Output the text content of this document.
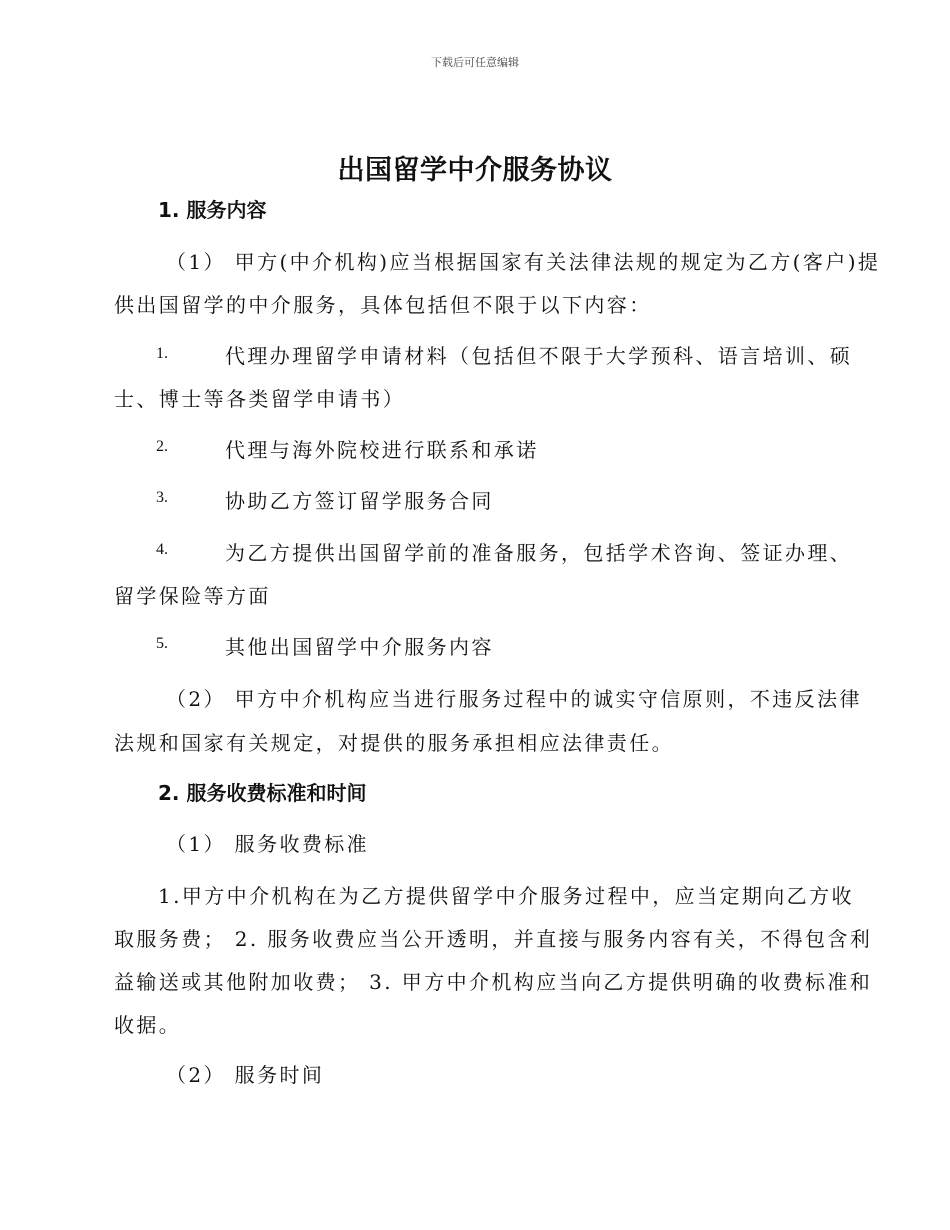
下载后可任意编辑
出国留学中介服务协议
1. 服务内容
（1） 甲方(中介机构)应当根据国家有关法律法规的规定为乙方(客户)提
供出国留学的中介服务，具体包括但不限于以下内容：
1.	代理办理留学申请材料（包括但不限于大学预科、语言培训、硕
士、博士等各类留学申请书）
2.	代理与海外院校进行联系和承诺
3.	协助乙方签订留学服务合同
4.	为乙方提供出国留学前的准备服务，包括学术咨询、签证办理、
留学保险等方面
5.	其他出国留学中介服务内容
（2） 甲方中介机构应当进行服务过程中的诚实守信原则，不违反法律
法规和国家有关规定，对提供的服务承担相应法律责任。
2. 服务收费标准和时间
（1） 服务收费标准
1.甲方中介机构在为乙方提供留学中介服务过程中，应当定期向乙方收
取服务费； 2. 服务收费应当公开透明，并直接与服务内容有关，不得包含利
益输送或其他附加收费； 3. 甲方中介机构应当向乙方提供明确的收费标准和
收据。
（2） 服务时间
